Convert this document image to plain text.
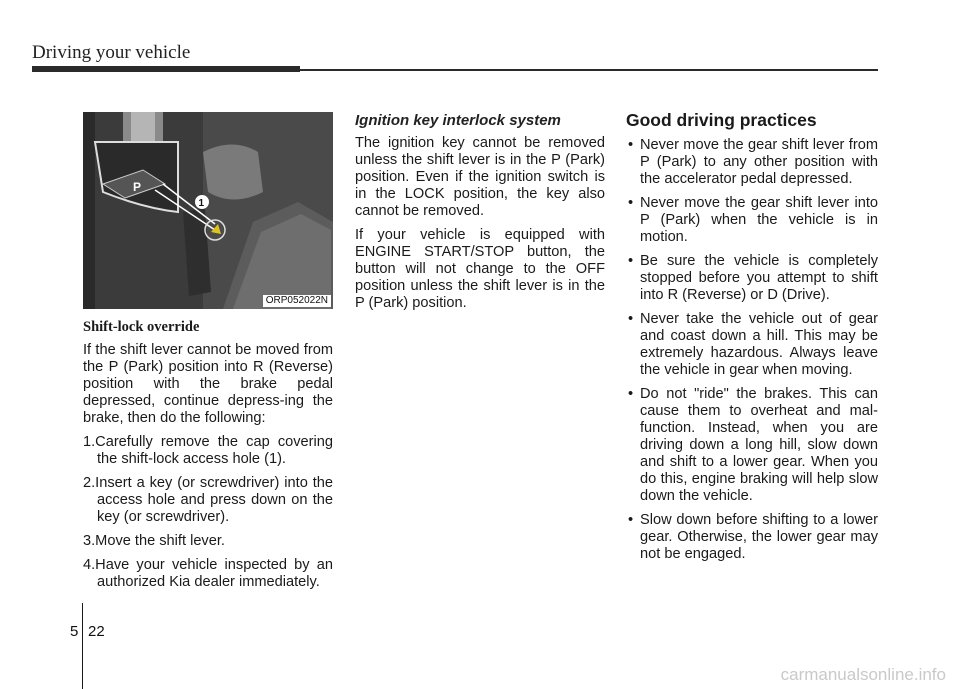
Driving your vehicle
P
1
ORP052022N
Shift-lock override

If the shift lever cannot be moved from the P (Park) position into R (Reverse) position with the brake pedal depressed, continue depress-ing the brake, then do the following:

1.Carefully remove the cap covering the shift-lock access hole (1).
2.Insert a key (or screwdriver) into the access hole and press down on the key (or screwdriver).
3.Move the shift lever.
4.Have your vehicle inspected by an authorized Kia dealer immediately.
Ignition key interlock system

The ignition key cannot be removed unless the shift lever is in the P (Park) position. Even if the ignition switch is in the LOCK position, the key also cannot be removed.

If your vehicle is equipped with ENGINE START/STOP button, the button will not change to the OFF position unless the shift lever is in the P (Park) position.

Good driving practices
• Never move the gear shift lever from P (Park) to any other position with the accelerator pedal depressed.
• Never move the gear shift lever into P (Park) when the vehicle is in motion.
• Be sure the vehicle is completely stopped before you attempt to shift into R (Reverse) or D (Drive).
• Never take the vehicle out of gear and coast down a hill. This may be extremely hazardous. Always leave the vehicle in gear when moving.
• Do not "ride" the brakes. This can cause them to overheat and mal-function. Instead, when you are driving down a long hill, slow down and shift to a lower gear. When you do this, engine braking will help slow down the vehicle.
• Slow down before shifting to a lower gear. Otherwise, the lower gear may not be engaged.
5 22
carmanualsonline.info
